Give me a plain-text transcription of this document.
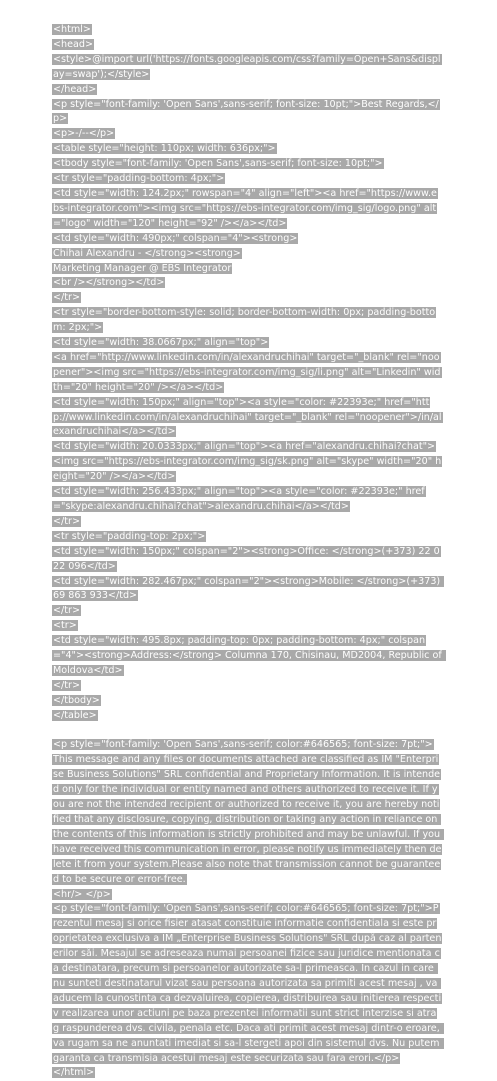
<html>
<head>
<style>@import url('https://fonts.googleapis.com/css?family=Open+Sans&display=swap');</style>
</head>
<p style="font-family: 'Open Sans',sans-serif; font-size: 10pt;">Best Regards,</p>
<p>-/--</p>
<table style="height: 110px; width: 636px;">
<tbody style="font-family: 'Open Sans',sans-serif; font-size: 10pt;">
<tr style="padding-bottom: 4px;">
<td style="width: 124.2px;" rowspan="4" align="left"><a href="https://www.ebs-integrator.com"><img src="https://ebs-integrator.com/img_sig/logo.png" alt="logo" width="120" height="92" /></a></td>
<td style="width: 490px;" colspan="4"><strong>
Chihai Alexandru - </strong><strong>
Marketing Manager @ EBS Integrator
<br /></strong></td>
</tr>
<tr style="border-bottom-style: solid; border-bottom-width: 0px; padding-bottom: 2px;">
<td style="width: 38.0667px;" align="top">
<a href="http://www.linkedin.com/in/alexandruchihai" target="_blank" rel="noopener"><img src="https://ebs-integrator.com/img_sig/li.png" alt="Linkedin" width="20" height="20" /></a></td>
<td style="width: 150px;" align="top"><a style="color: #22393e;" href="http://www.linkedin.com/in/alexandruchihai" target="_blank" rel="noopener">/in/alexandruchihai</a></td>
<td style="width: 20.0333px;" align="top"><a href="alexandru.chihai?chat"><img src="https://ebs-integrator.com/img_sig/sk.png" alt="skype" width="20" height="20" /></a></td>
<td style="width: 256.433px;" align="top"><a style="color: #22393e;" href="skype:alexandru.chihai?chat">alexandru.chihai</a></td>
</tr>
<tr style="padding-top: 2px;">
<td style="width: 150px;" colspan="2"><strong>Office: </strong>(+373) 22 022 096</td>
<td style="width: 282.467px;" colspan="2"><strong>Mobile: </strong>(+373) 69 863 933</td>
</tr>
<tr>
<td style="width: 495.8px; padding-top: 0px; padding-bottom: 4px;" colspan="4"><strong>Address:</strong> Columna 170, Chisinau, MD2004, Republic of Moldova</td>
</tr>
</tbody>
</table>
<p style="font-family: 'Open Sans',sans-serif; color:#646565; font-size: 7pt;">
This message and any files or documents attached are classified as IM "Enterprise Business Solutions" SRL confidential and Proprietary Information. It is intended only for the individual or entity named and others authorized to receive it. If you are not the intended recipient or authorized to receive it, you are hereby notified that any disclosure, copying, distribution or taking any action in reliance on the contents of this information is strictly prohibited and may be unlawful. If you have received this communication in error, please notify us immediately then delete it from your system.Please also note that transmission cannot be guaranteed to be secure or error-free.
<hr/> </p>
<p style="font-family: 'Open Sans',sans-serif; color:#646565; font-size: 7pt;">Prezentul mesaj si orice fisier atasat constituie informatie confidentiala si este proprietatea exclusiva a IM „Enterprise Business Solutions" SRL după caz al partenerilor săi. Mesajul se adreseaza numai persoanei fizice sau juridice mentionata ca destinatara, precum si persoanelor autorizate sa-l primeasca. In cazul in care nu sunteti destinatarul vizat sau persoana autorizata sa primiti acest mesaj , va aducem la cunostinta ca dezvaluirea, copierea, distribuirea sau initierea respectiv realizarea unor actiuni pe baza prezentei informatii sunt strict interzise si atrag raspunderea dvs. civila, penala etc. Daca ati primit acest mesaj dintr-o eroare, va rugam sa ne anuntati imediat si sa-l stergeti apoi din sistemul dvs. Nu putem garanta ca transmisia acestui mesaj este securizata sau fara erori.</p>
</html>
